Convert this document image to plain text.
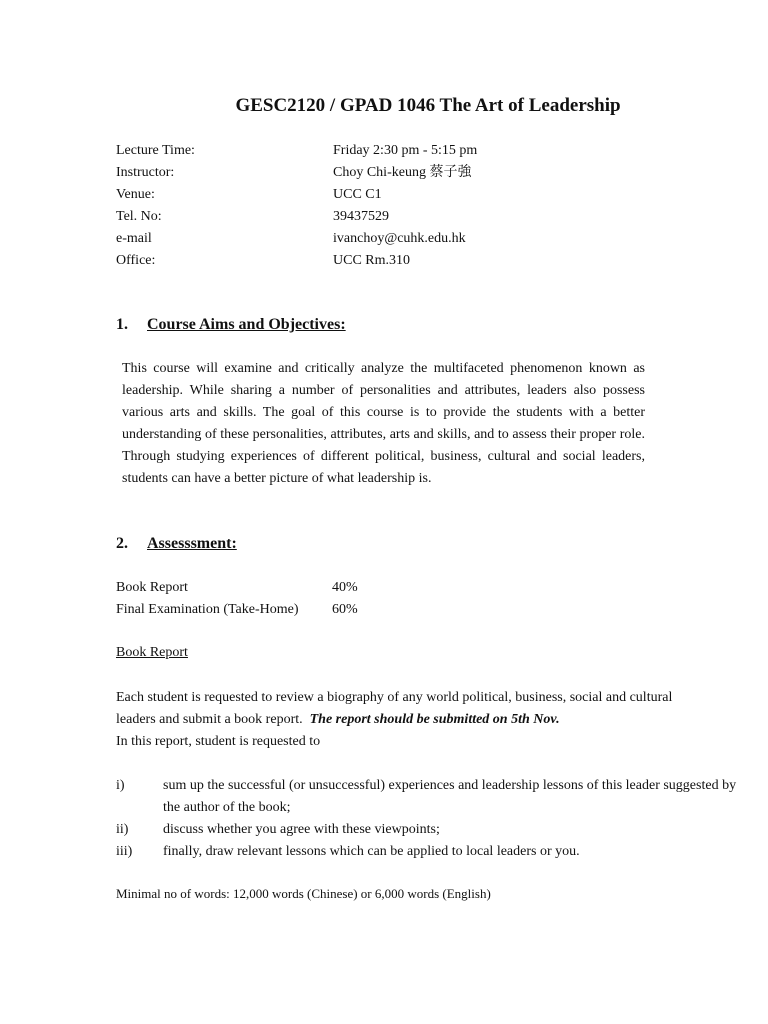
GESC2120 / GPAD 1046 The Art of Leadership
Lecture Time:	Friday 2:30 pm - 5:15 pm
Instructor:	Choy Chi-keung 蔡子強
Venue:	UCC C1
Tel. No:	39437529
e-mail	ivanchoy@cuhk.edu.hk
Office:	UCC Rm.310
1. Course Aims and Objectives:
This course will examine and critically analyze the multifaceted phenomenon known as leadership. While sharing a number of personalities and attributes, leaders also possess various arts and skills. The goal of this course is to provide the students with a better understanding of these personalities, attributes, arts and skills, and to assess their proper role. Through studying experiences of different political, business, cultural and social leaders, students can have a better picture of what leadership is.
2. Assesssment:
Book Report	40%
Final Examination (Take-Home) 60%
Book Report
Each student is requested to review a biography of any world political, business, social and cultural leaders and submit a book report. The report should be submitted on 5th Nov.
In this report, student is requested to
i)	sum up the successful (or unsuccessful) experiences and leadership lessons of this leader suggested by the author of the book;
ii) discuss whether you agree with these viewpoints;
iii) finally, draw relevant lessons which can be applied to local leaders or you.
Minimal no of words: 12,000 words (Chinese) or 6,000 words (English)
